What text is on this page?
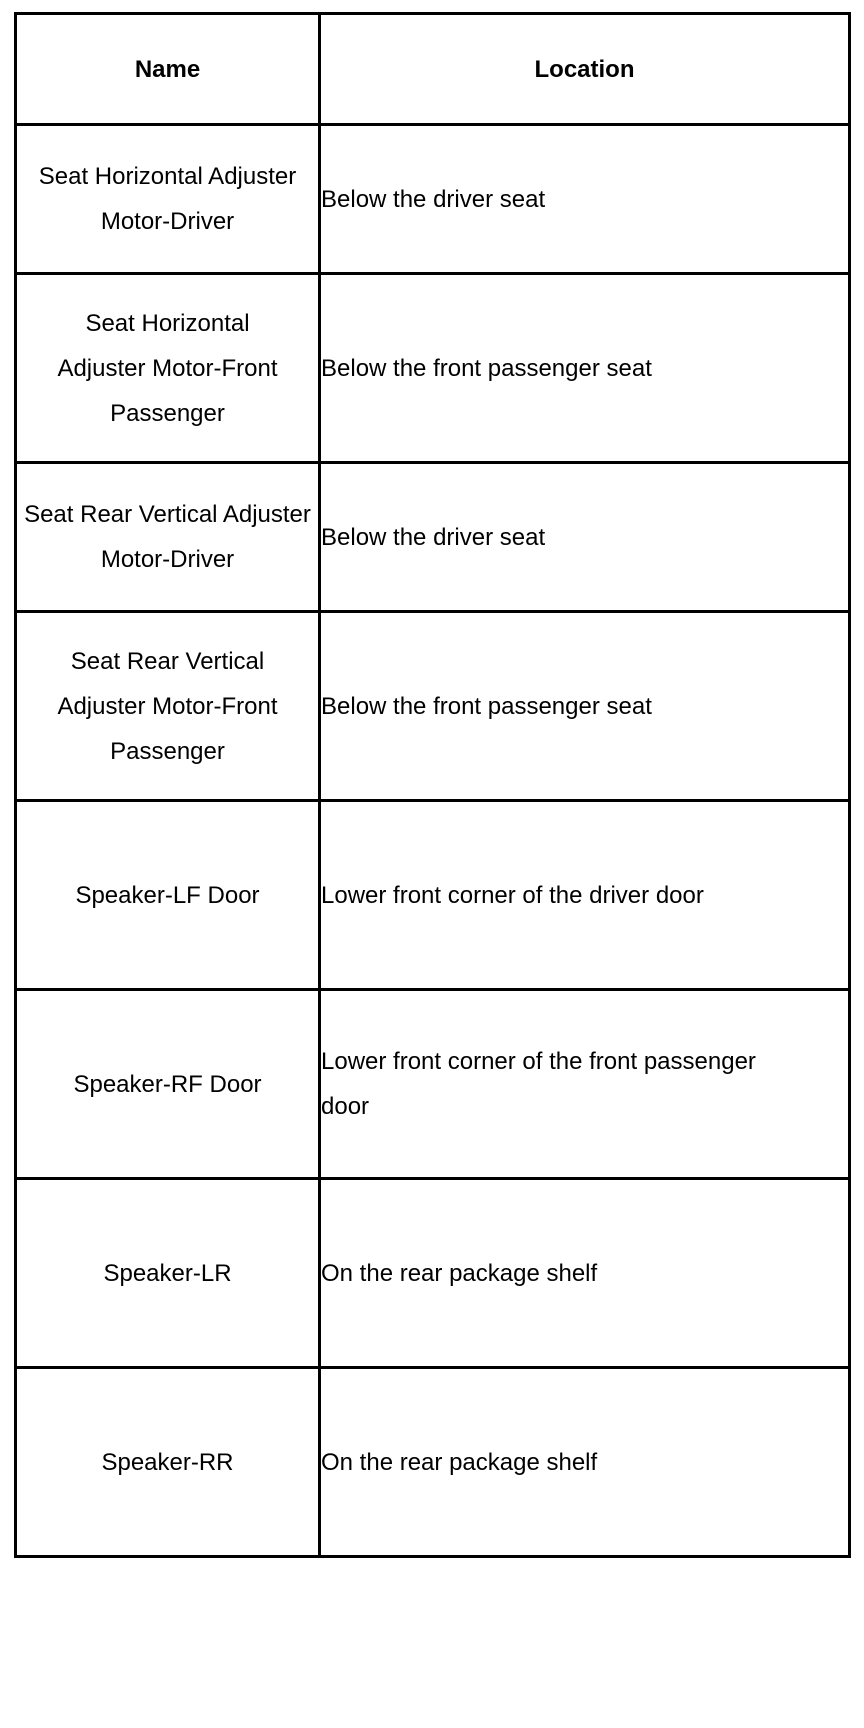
Name	Location

Seat Horizontal Adjuster Motor-Driver	Below the driver seat

Seat Horizontal Adjuster Motor-Front Passenger	Below the front passenger seat

Seat Rear Vertical Adjuster Motor-Driver	Below the driver seat

Seat Rear Vertical Adjuster Motor-Front Passenger	Below the front passenger seat

Speaker-LF Door	Lower front corner of the driver door

Speaker-RF Door	Lower front corner of the front passenger door

Speaker-LR	On the rear package shelf

Speaker-RR	On the rear package shelf
